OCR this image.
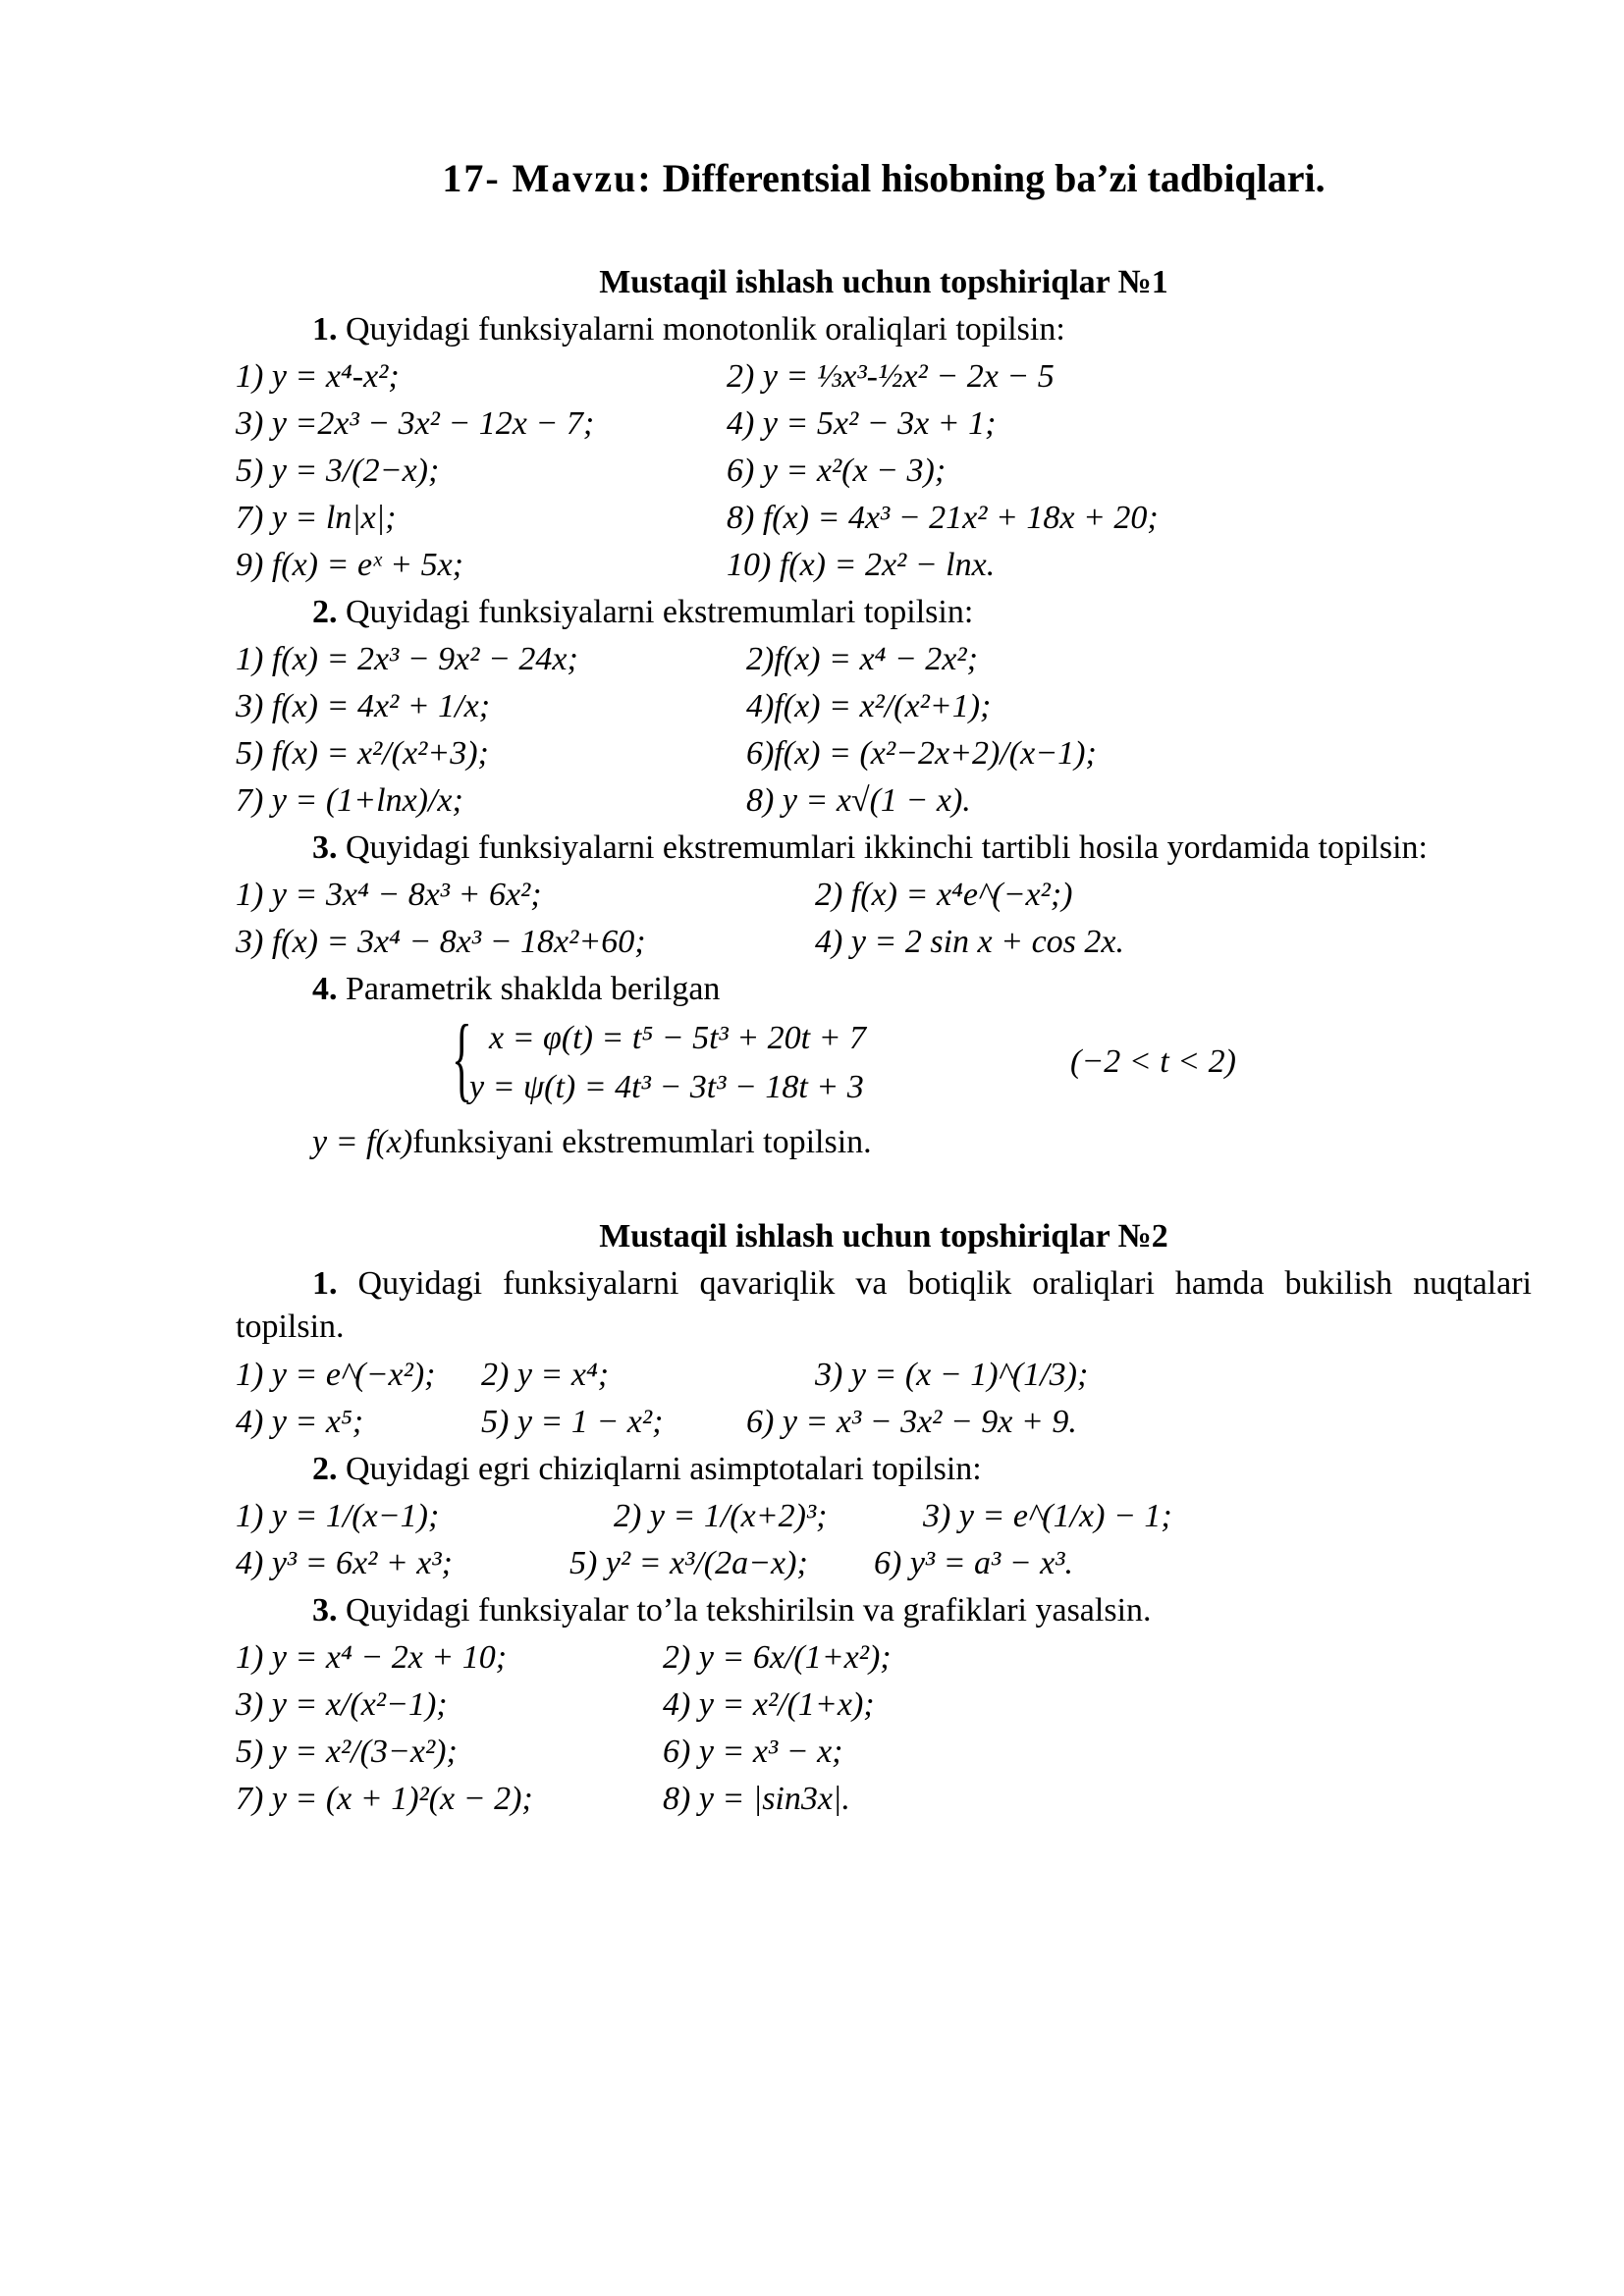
17- Mavzu: Differentsial hisobning ba’zi tadbiqlari.
Mustaqil ishlash uchun topshiriqlar №1
1. Quyidagi funksiyalarni monotonlik oraliqlari topilsin:
1) y = x⁴-x²;	2) y = ⅓x³-½x² − 2x − 5
3) y =2x³ − 3x² − 12x − 7;	4) y = 5x² − 3x + 1;
5) y = 3/(2−x);	6) y = x²(x − 3);
7) y = ln|x|;	8) f(x) = 4x³ − 21x² + 18x + 20;
9) f(x) = eˣ + 5x;	10) f(x) = 2x² − lnx.
2. Quyidagi funksiyalarni ekstremumlari topilsin:
1) f(x) = 2x³ − 9x² − 24x;	2)f(x) = x⁴ − 2x²;
3) f(x) = 4x² + 1/x;	4)f(x) = x²/(x²+1);
5) f(x) = x²/(x²+3);	6)f(x) = (x²−2x+2)/(x−1);
7) y = (1+lnx)/x;	8) y = x√(1 − x).
3. Quyidagi funksiyalarni ekstremumlari ikkinchi tartibli hosila yordamida topilsin:
1) y = 3x⁴ − 8x³ + 6x²;	2) f(x) = x⁴e^(−x²;)
3) f(x) = 3x⁴ − 8x³ − 18x²+60;	4) y = 2 sin x + cos 2x.
4. Parametrik shaklda berilgan
{ x = φ(t) = t⁵ − 5t³ + 20t + 7
y = ψ(t) = 4t³ − 3t³ − 18t + 3
(−2 < t < 2)
y = f(x)funksiyani ekstremumlari topilsin.
Mustaqil ishlash uchun topshiriqlar №2
1. Quyidagi funksiyalarni qavariqlik va botiqlik oraliqlari hamda bukilish nuqtalari topilsin.
1) y = e^(−x²); 2) y = x⁴;	3) y = (x − 1)^(1/3);
4) y = x⁵;	5) y = 1 − x²; 6) y = x³ − 3x² − 9x + 9.
2. Quyidagi egri chiziqlarni asimptotalari topilsin:
1) y = 1/(x−1);	2) y = 1/(x+2)³;	3) y = e^(1/x) − 1;
4) y³ = 6x² + x³;	5) y² = x³/(2a−x); 6) y³ = a³ − x³.
3. Quyidagi funksiyalar to’la tekshirilsin va grafiklari yasalsin.
1) y = x⁴ − 2x + 10;	2) y = 6x/(1+x²);
3) y = x/(x²−1);	4) y = x²/(1+x);
5) y = x²/(3−x²);	6) y = x³ − x;
7) y = (x + 1)²(x − 2);	8) y = |sin3x|.
